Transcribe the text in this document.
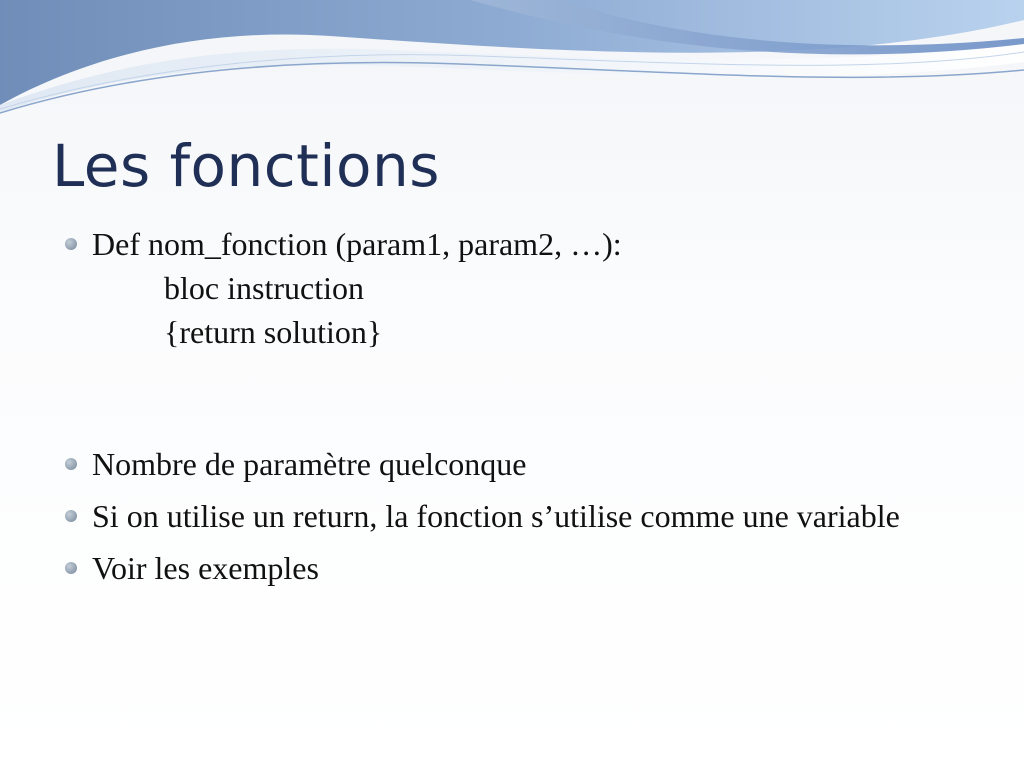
Les fonctions
Def nom_fonction (param1, param2, …):
bloc instruction
{return solution}
Nombre de paramètre quelconque
Si on utilise un return, la fonction s’utilise comme une variable
Voir les exemples
